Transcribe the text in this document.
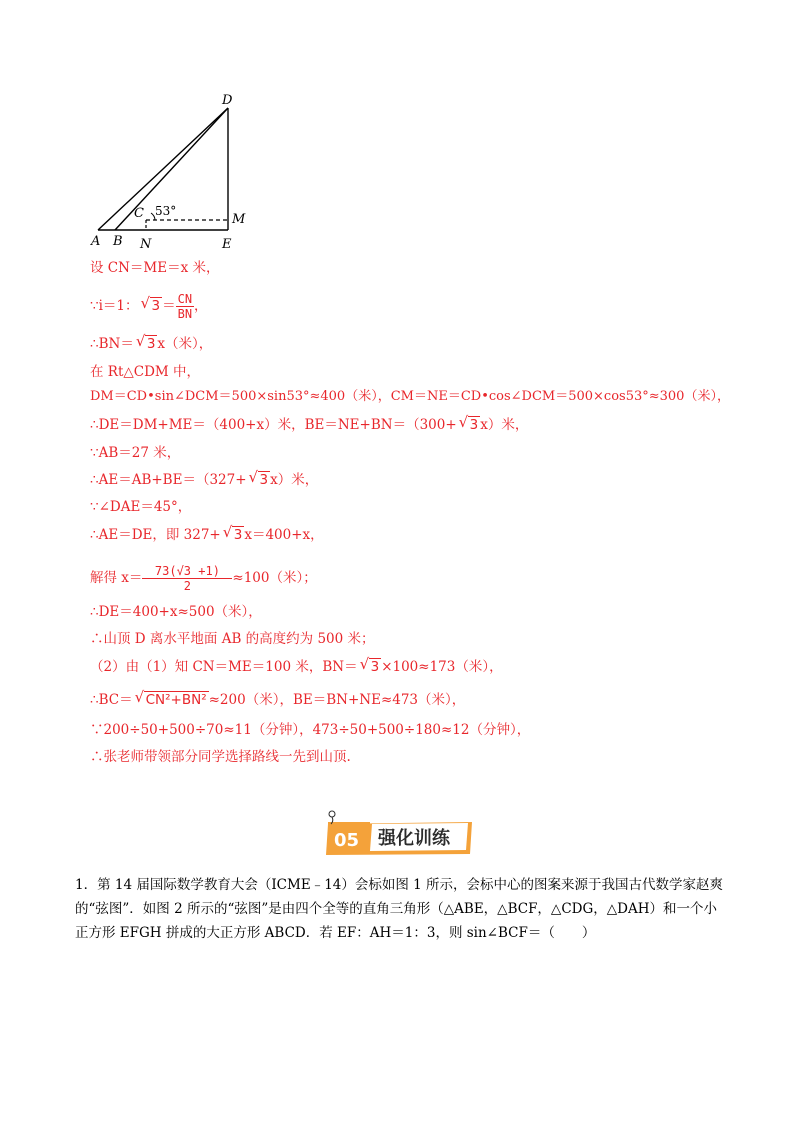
D
C 53°
M
A B N	E
设 CN＝ME＝x 米，
∵i＝1： √ $3 = \frac{CN}{BN}$ ，
∴BN＝ √ 3 x（米），
在 Rt△CDM 中，
DM＝CD•sin∠DCM＝500×sin53°≈400（米），CM＝NE＝CD•cos∠DCM＝500×cos53°≈300（米），
∴DE＝DM+ME＝（400+x）米，BE＝NE+BN＝（300+ √ 3 x）米，
∵AB＝27 米，
∴AE＝AB+BE＝（327+ √ 3 x）米，
∵∠DAE＝45°，
∴AE＝DE，即 327+ √ 3 x＝400+x，
解得 $x= \frac{73(√3 +1)}{2} \approx 100$（米）；
∴DE＝400+x≈500（米），
∴山顶 D 离水平地面 AB 的高度约为 500 米；
（2）由（1）知 CN＝ME＝100 米，BN＝ √ 3 ×100≈173（米），
∴BC＝ √ CN²+BN² ≈200（米），BE＝BN+NE≈473（米），
∵200÷50+500÷70≈11（分钟），473÷50+500÷180≈12（分钟），
∴张老师带领部分同学选择路线一先到山顶.
05 强化训练
1．第 14 届国际数学教育大会（ICME﹣14）会标如图 1 所示，会标中心的图案来源于我国古代数学家赵爽的“弦图”．如图 2 所示的“弦图”是由四个全等的直角三角形（△ABE，△BCF，△CDG，△DAH）和一个小正方形 EFGH 拼成的大正方形 ABCD．若 EF：AH＝1：3，则 sin∠BCF＝（　　）
